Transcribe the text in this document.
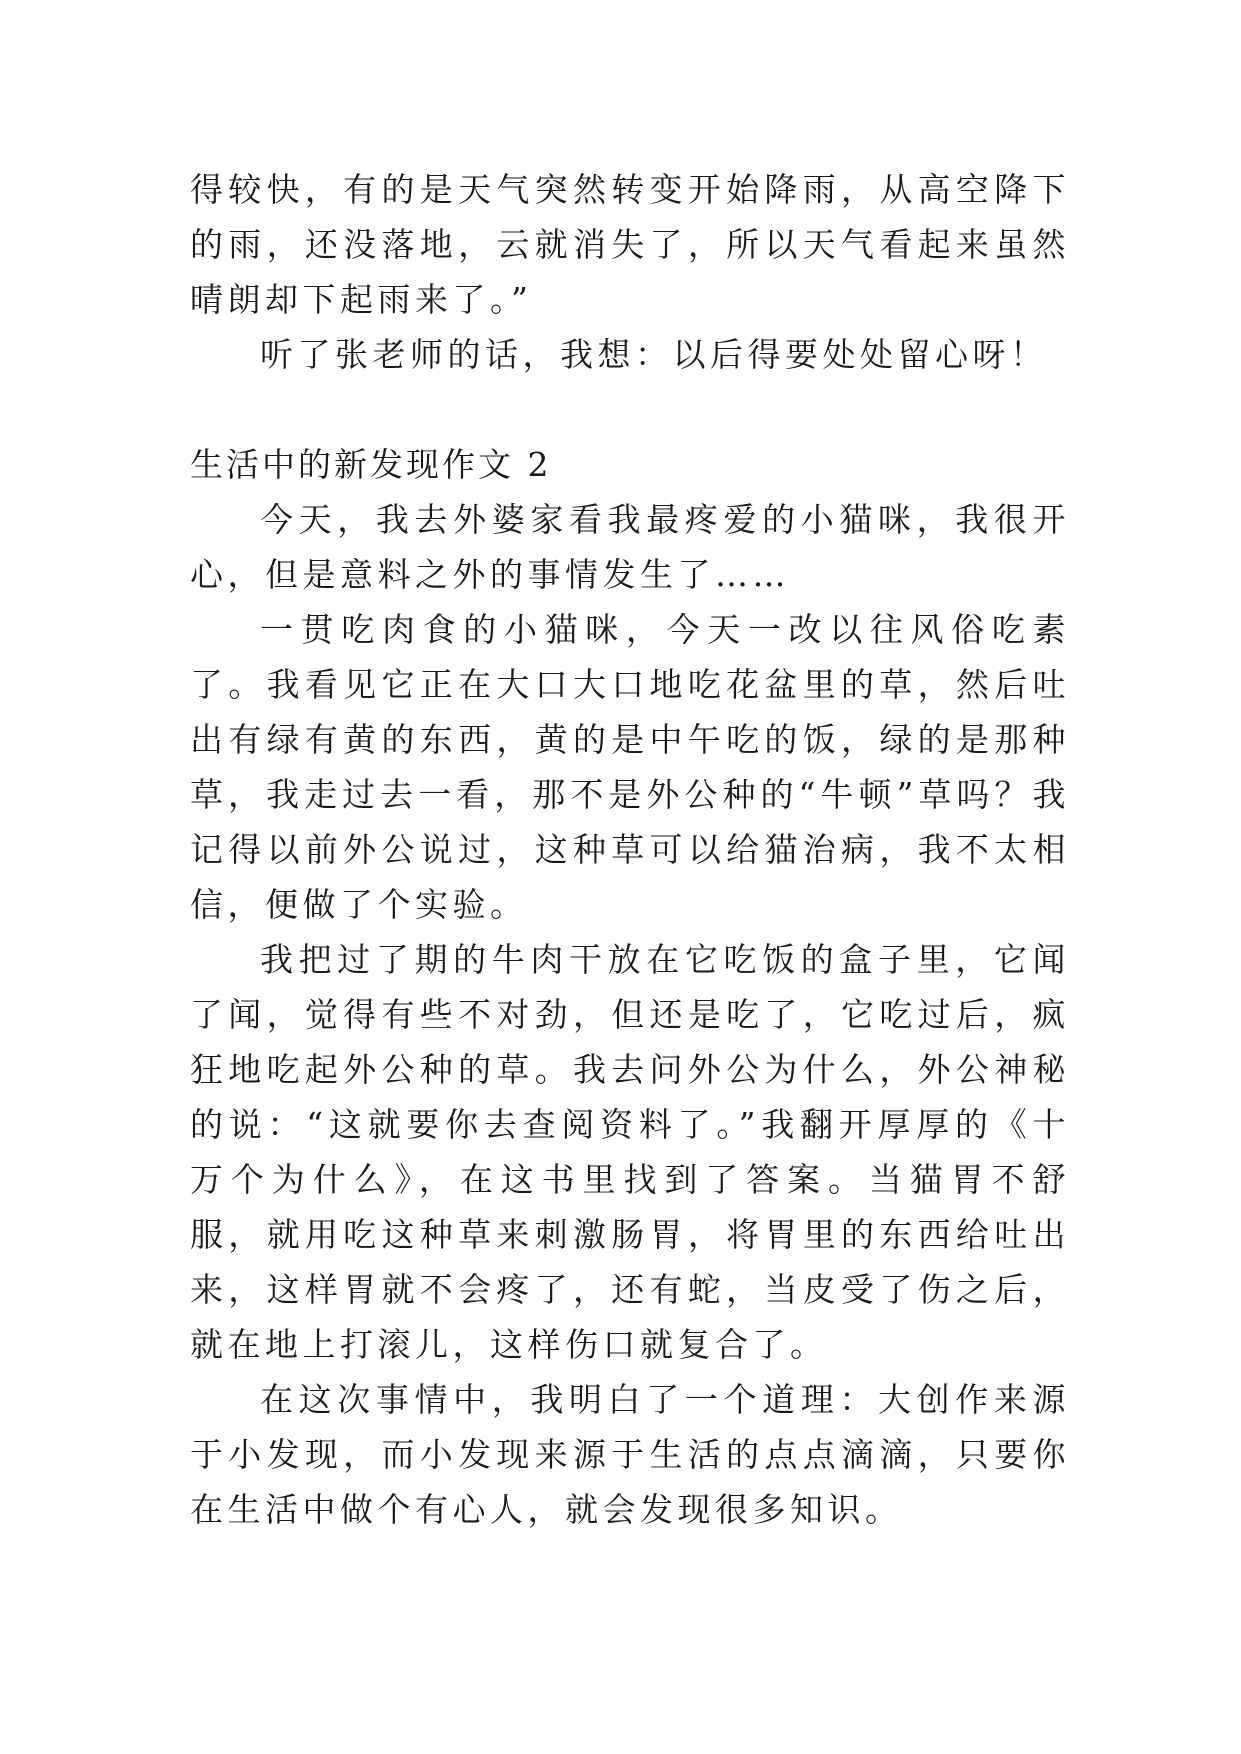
得较快，有的是天气突然转变开始降雨，从高空降下的雨，还没落地，云就消失了，所以天气看起来虽然晴朗却下起雨来了。”

听了张老师的话，我想：以后得要处处留心呀！

生活中的新发现作文 2

今天，我去外婆家看我最疼爱的小猫咪，我很开心，但是意料之外的事情发生了……

一贯吃肉食的小猫咪，今天一改以往风俗吃素了。我看见它正在大口大口地吃花盆里的草，然后吐出有绿有黄的东西，黄的是中午吃的饭，绿的是那种草，我走过去一看，那不是外公种的“牛顿”草吗？我记得以前外公说过，这种草可以给猫治病，我不太相信，便做了个实验。

我把过了期的牛肉干放在它吃饭的盒子里，它闻了闻，觉得有些不对劲，但还是吃了，它吃过后，疯狂地吃起外公种的草。我去问外公为什么，外公神秘的说：“这就要你去查阅资料了。”我翻开厚厚的《十万个为什么》，在这书里找到了答案。当猫胃不舒服，就用吃这种草来刺激肠胃，将胃里的东西给吐出来，这样胃就不会疼了，还有蛇，当皮受了伤之后，就在地上打滚儿，这样伤口就复合了。

在这次事情中，我明白了一个道理：大创作来源于小发现，而小发现来源于生活的点点滴滴，只要你在生活中做个有心人，就会发现很多知识。
